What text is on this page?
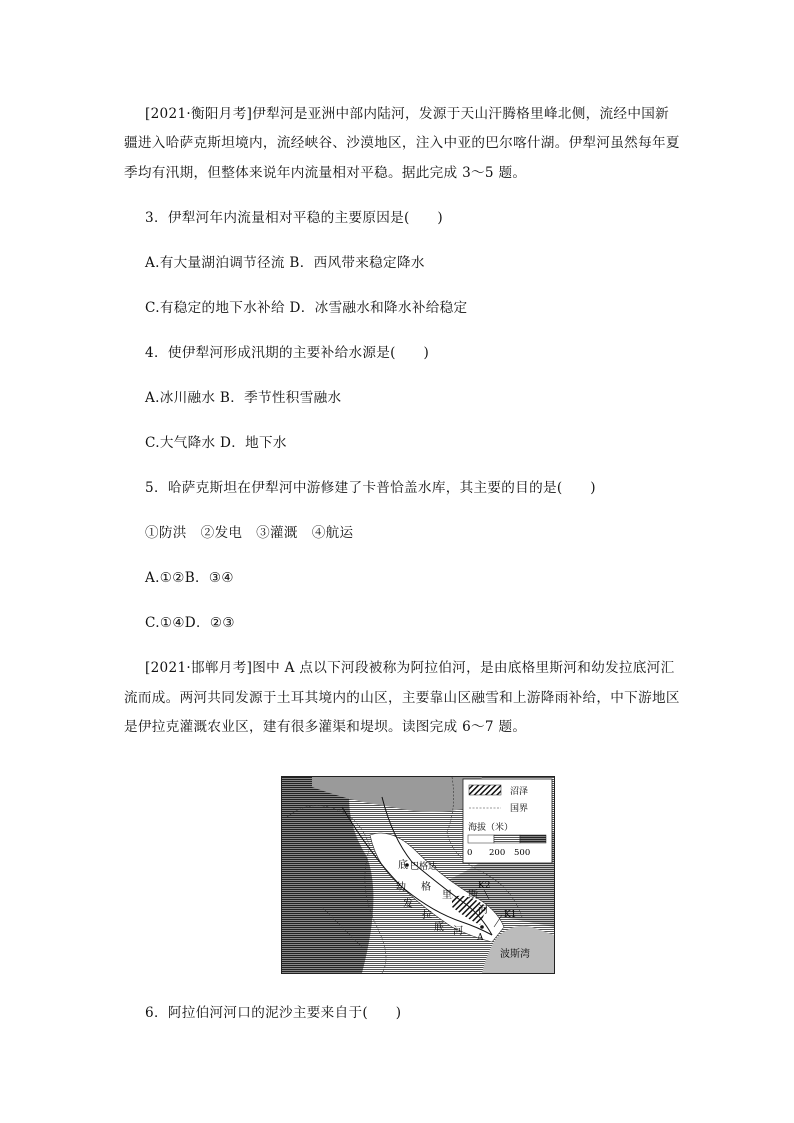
[2021·衡阳月考]伊犁河是亚洲中部内陆河，发源于天山汗腾格里峰北侧，流经中国新
疆进入哈萨克斯坦境内，流经峡谷、沙漠地区，注入中亚的巴尔喀什湖。伊犁河虽然每年夏
季均有汛期，但整体来说年内流量相对平稳。据此完成 3～5 题。
3．伊犁河年内流量相对平稳的主要原因是(　　)
A.有大量湖泊调节径流 B．西风带来稳定降水
C.有稳定的地下水补给 D．冰雪融水和降水补给稳定
4．使伊犁河形成汛期的主要补给水源是(　　)
A.冰川融水 B．季节性积雪融水
C.大气降水 D．地下水
5．哈萨克斯坦在伊犁河中游修建了卡普恰盖水库，其主要的目的是(　　)
①防洪　②发电　③灌溉　④航运
A.①②B．③④
C.①④D．②③
[2021·邯郸月考]图中 A 点以下河段被称为阿拉伯河，是由底格里斯河和幼发拉底河汇
流而成。两河共同发源于土耳其境内的山区，主要靠山区融雪和上游降雨补给，中下游地区
是伊拉克灌溉农业区，建有很多灌渠和堤坝。读图完成 6～7 题。
沼泽
国界
海拔（米）
0 200 500
巴格达
底
格
里 斯
河
幼
发
拉
底 河
K2
K1
A
波斯湾
6．阿拉伯河河口的泥沙主要来自于(　　)
